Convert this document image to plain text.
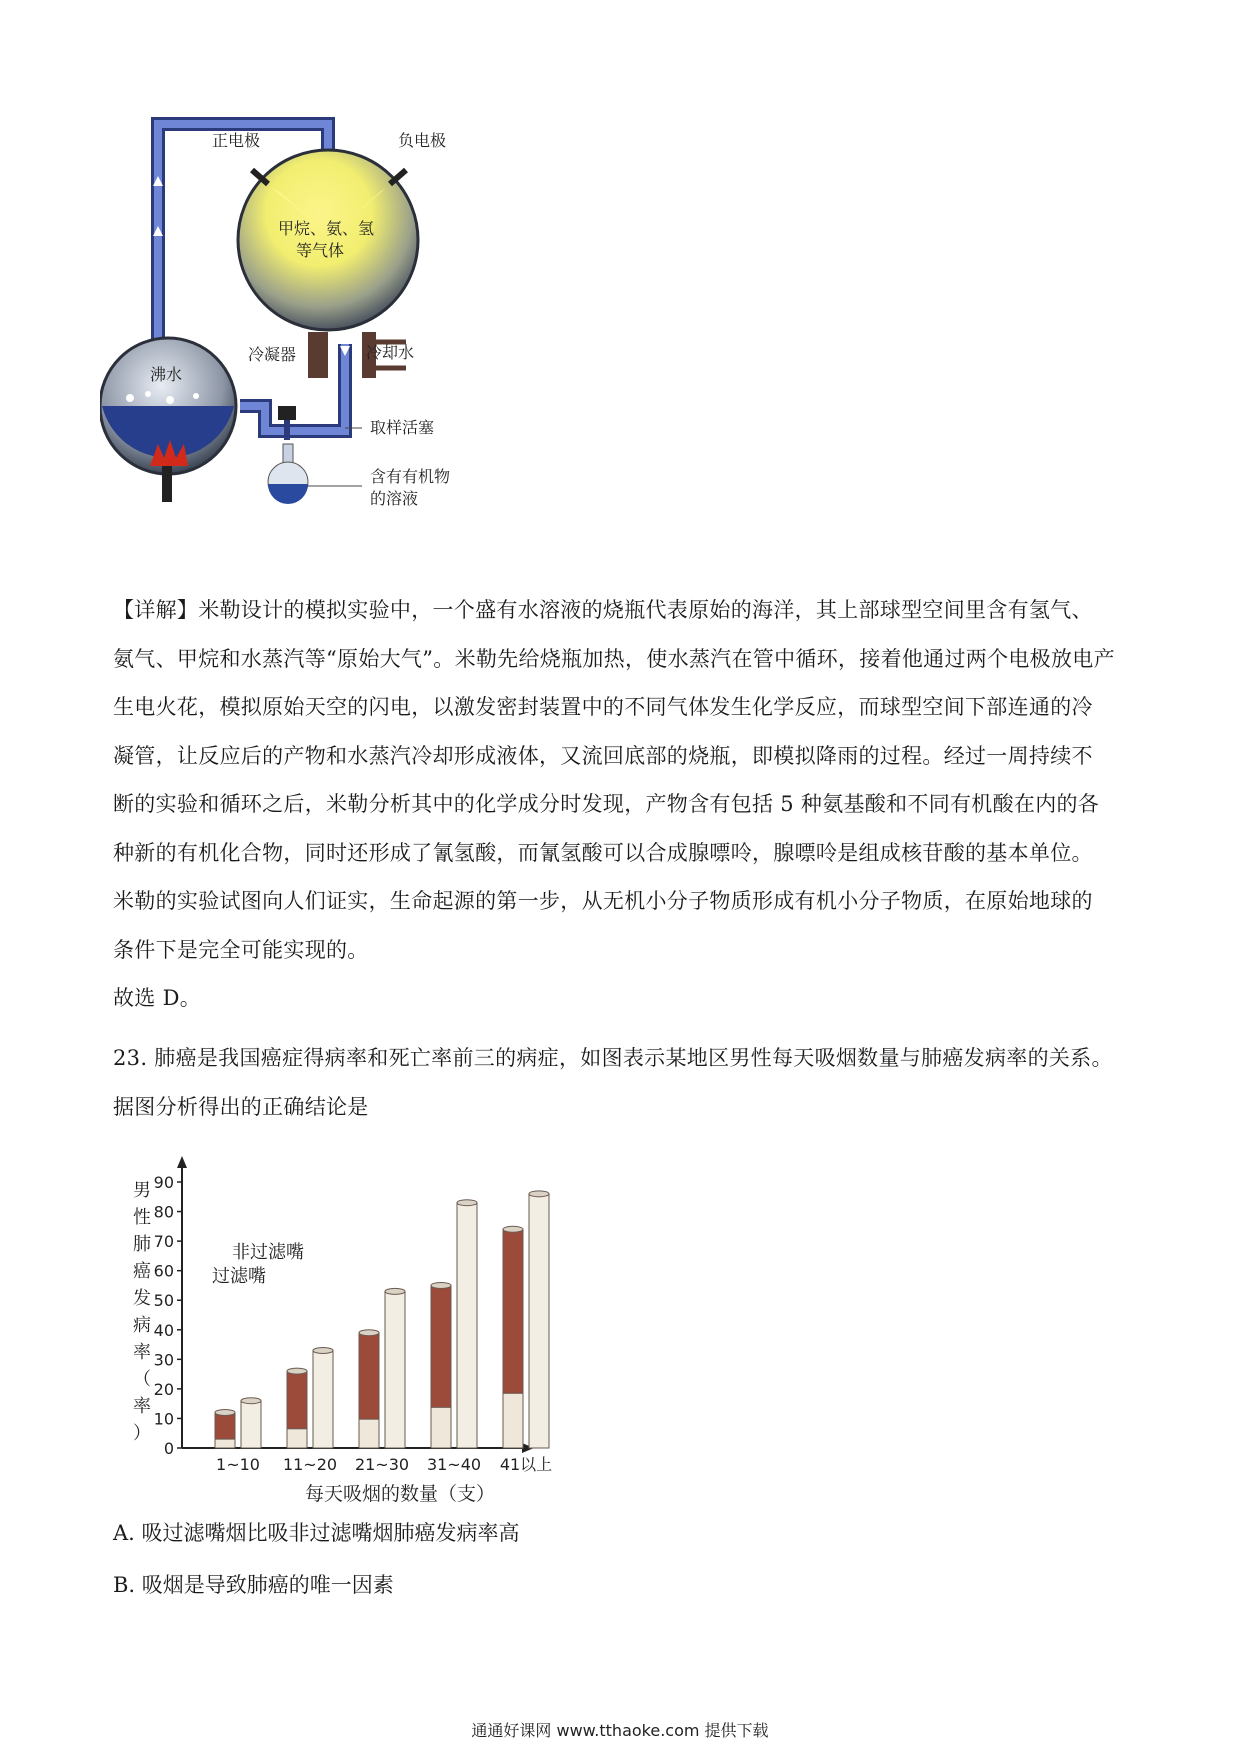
正电极	负电极
甲烷、氨、氢
等气体
冷凝器	冷却水
沸水
取样活塞
含有有机物
的溶液
【详解】米勒设计的模拟实验中，一个盛有水溶液的烧瓶代表原始的海洋，其上部球型空间里含有氢气、
氨气、甲烷和水蒸汽等“原始大气”。米勒先给烧瓶加热，使水蒸汽在管中循环，接着他通过两个电极放电产
生电火花，模拟原始天空的闪电，以激发密封装置中的不同气体发生化学反应，而球型空间下部连通的冷
凝管，让反应后的产物和水蒸汽冷却形成液体，又流回底部的烧瓶，即模拟降雨的过程。经过一周持续不
断的实验和循环之后，米勒分析其中的化学成分时发现，产物含有包括 5 种氨基酸和不同有机酸在内的各
种新的有机化合物，同时还形成了氰氢酸，而氰氢酸可以合成腺嘌呤，腺嘌呤是组成核苷酸的基本单位。
米勒的实验试图向人们证实，生命起源的第一步，从无机小分子物质形成有机小分子物质，在原始地球的
条件下是完全可能实现的。
故选 D。
23. 肺癌是我国癌症得病率和死亡率前三的病症，如图表示某地区男性每天吸烟数量与肺癌发病率的关系。
据图分析得出的正确结论是
男
性
肺
癌
发
病
率
（
率
）
0
10
20
30
40
50
60
70
80
90
1~10 11~20 21~30 31~40 41以上
非过滤嘴
过滤嘴
每天吸烟的数量（支）
A. 吸过滤嘴烟比吸非过滤嘴烟肺癌发病率高
B. 吸烟是导致肺癌的唯一因素
通通好课网 www.tthaoke.com 提供下载
